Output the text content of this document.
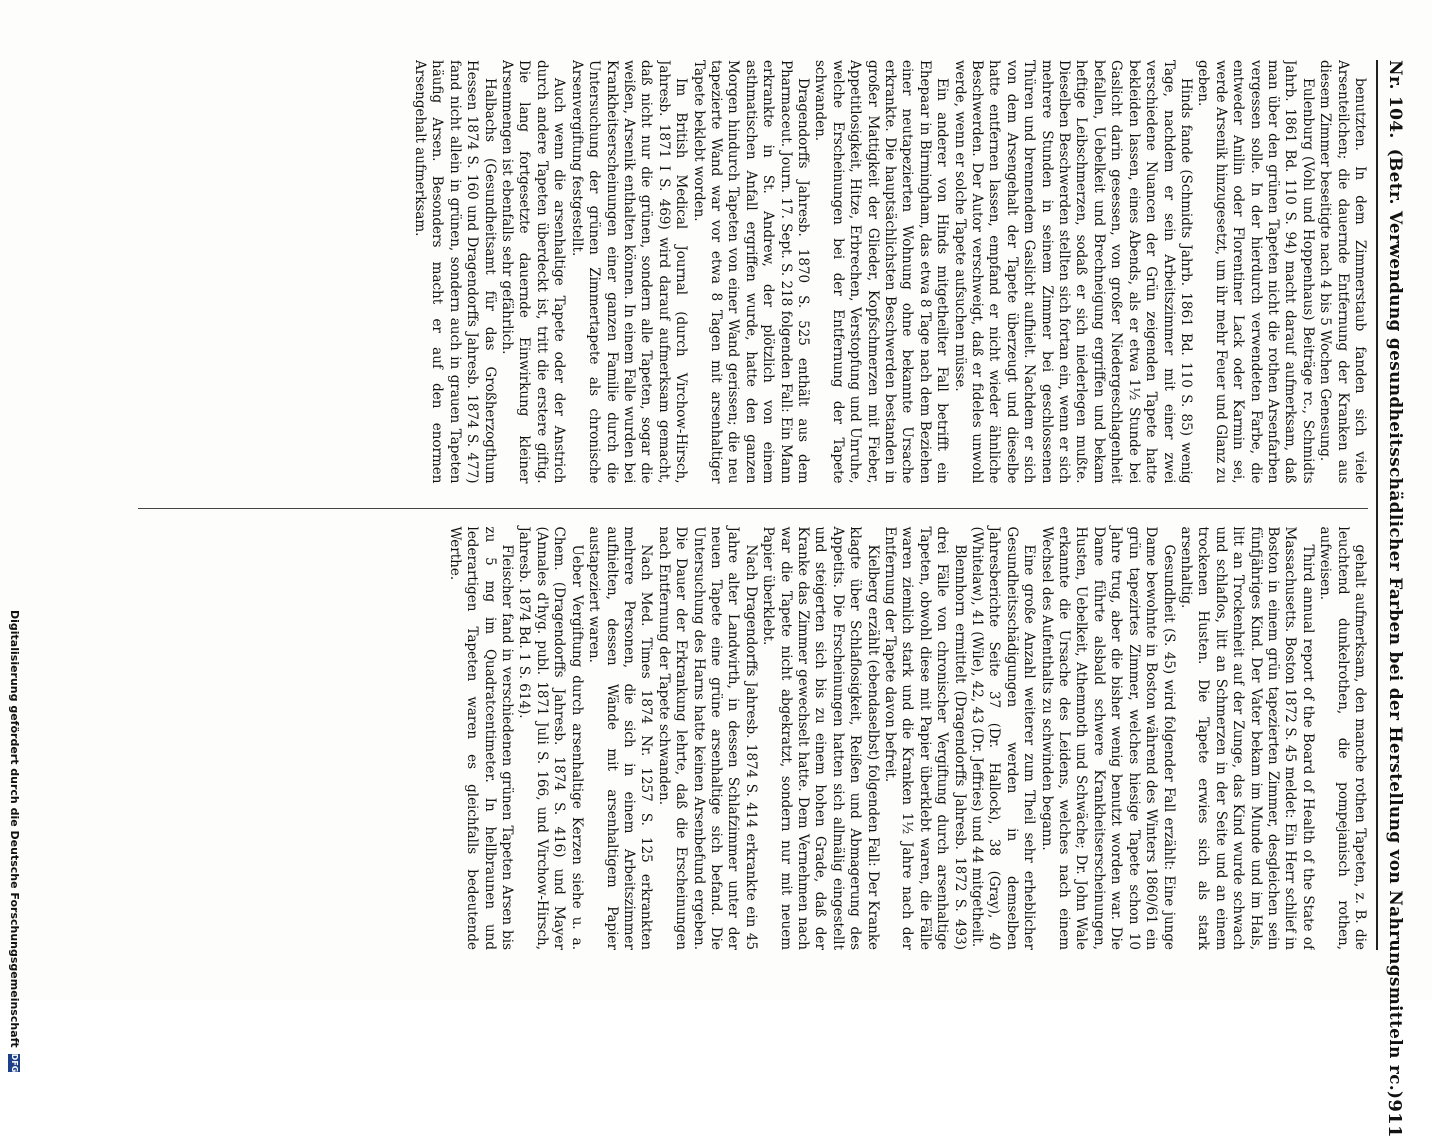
Nr. 104.
(Betr. Verwendung gesundheitsschädlicher Farben bei der Herstellung von Nahrungsmitteln rc.)
911

benutzten. In dem Zimmerstaub fanden sich viele Arsenteilchen; die dauernde Entfernung der Kranken aus diesem Zimmer beseitigte nach 4 bis 5 Wochen Genesung.

Eulenburg (Vohl und Hoppenhaus) Beiträge rc., Schmidts Jahrb. 1861 Bd. 110 S. 94) macht darauf aufmerksam, daß man über den grünen Tapeten nicht die rothen Arsenfarben vergessen solle. In der hierdurch verwendeten Farbe, die entweder Anilin oder Florentiner Lack oder Karmin sei, werde Arsenik hinzugesetzt, um ihr mehr Feuer und Glanz zu geben.

Hinds fande (Schmidts Jahrb. 1861 Bd. 110 S. 85) wenig Tage, nachdem er sein Arbeitszimmer mit einer zwei verschiedene Nuancen der Grün zeigenden Tapete hatte bekleiden lassen, eines Abends, als er etwa 1½ Stunde bei Gaslicht darin gesessen, von großer Niedergeschlagenheit befallen, Uebelkeit und Brechneigung ergriffen und bekam heftige Leibschmerzen, sodaß er sich niederlegen mußte. Dieselben Beschwerden stellten sich fortan ein, wenn er sich mehrere Stunden in seinem Zimmer bei geschlossenen Thüren und brennendem Gaslicht aufhielt. Nachdem er sich von dem Arsengehalt der Tapete überzeugt und dieselbe hatte entfernen lassen, empfand er nicht wieder ähnliche Beschwerden. Der Autor verschweigt, daß er fideles unwohl werde, wenn er solche Tapete aufsuchen müsse.

Ein anderer von Hinds mitgetheilter Fall betrifft ein Ehepaar in Birmingham, das etwa 8 Tage nach dem Beziehen einer neutapezierten Wohnung ohne bekannte Ursache erkrankte. Die hauptsächlichsten Beschwerden bestanden in großer Mattigkeit der Glieder, Kopfschmerzen mit Fieber, Appetitlosigkeit, Hitze, Erbrechen, Verstopfung und Unruhe, welche Erscheinungen bei der Entfernung der Tapete schwanden.

Dragendorffs Jahresb. 1870 S. 525 enthält aus dem Pharmaceut. Journ. 17. Sept. S. 218 folgenden Fall: Ein Mann erkrankte in St. Andrew, der plötzlich von einem asthmatischen Anfall ergriffen wurde, hatte den ganzen Morgen hindurch Tapeten von einer Wand gerissen; die neu tapezierte Wand war vor etwa 8 Tagen mit arsenhaltiger Tapete beklebt worden.

Im British Medical Journal (durch Virchow-Hirsch, Jahresb. 1871 I S. 469) wird darauf aufmerksam gemacht, daß nicht nur die grünen, sondern alle Tapeten, sogar die weißen, Arsenik enthalten können. In einem Falle wurden bei Krankheitserscheinungen einer ganzen Familie durch die Untersuchung der grünen Zimmertapete als chronische Arsenvergiftung festgestellt.

Auch wenn die arsenhaltige Tapete oder der Anstrich durch andere Tapeten überdeckt ist, tritt die erstere giftig. Die lang fortgesetzte dauernde Einwirkung kleiner Arsenmengen ist ebenfalls sehr gefährlich.

Halbachs (Gesundheitsamt für das Großherzogthum Hessen 1874 S. 160 und Dragendorffs Jahresb. 1874 S. 477) fand nicht allein in grünen, sondern auch in grauen Tapeten häufig Arsen. Besonders macht er auf den enormen Arsengehalt aufmerksam.

gehalt aufmerksam, den manche rothen Tapeten, z. B. die leuchtend dunkelrothen, die pompejanisch rothen, aufweisen.

Third annual report of the Board of Health of the State of Massachusetts. Boston 1872 S. 45 meldet: Ein Herr schlief in Boston in einem grün tapezierten Zimmer, desgleichen sein fünfjähriges Kind. Der Vater bekam im Munde und im Hals, litt an Trockenheit auf der Zunge, das Kind wurde schwach und schlaflos, litt an Schmerzen in der Seite und an einem trockenen Husten. Die Tapete erwies sich als stark arsenhaltig.

Gesundheit (S. 45) wird folgender Fall erzählt: Eine junge Dame bewohnte in Boston während des Winters 1860/61 ein grün tapezirtes Zimmer, welches hiesige Tapete schon 10 Jahre trug, aber die bisher wenig benutzt worden war. Die Dame führte alsbald schwere Krankheitserscheinungen, Husten, Uebelkeit, Athemnoth und Schwäche; Dr. John Wale erkannte die Ursache des Leidens, welches nach einem Wechsel des Aufenthalts zu schwinden begann.

Eine große Anzahl weiterer zum Theil sehr erheblicher Gesundheitsschädigungen werden in demselben Jahresberichte Seite 37 (Dr. Hallock), 38 (Gray), 40 (Whitelaw), 41 (Wile), 42, 43 (Dr. Jeffries) und 44 mitgetheilt.

Blennhorn ermittelt (Dragendorffs Jahresb. 1872 S. 493) drei Fälle von chronischer Vergiftung durch arsenhaltige Tapeten, obwohl diese mit Papier überklebt waren, die Fälle waren ziemlich stark und die Kranken 1½ Jahre nach der Entfernung der Tapete davon befreit.

Kielberg erzählt (ebendaselbst) folgenden Fall: Der Kranke klagte über Schlaflosigkeit, Reißen und Abmagerung des Appetits. Die Erscheinungen hatten sich allmälig eingestellt und steigerten sich bis zu einem hohen Grade, daß der Kranke das Zimmer gewechselt hatte. Dem Vernehmen nach war die Tapete nicht abgekratzt, sondern nur mit neuem Papier überklebt.

Nach Dragendorffs Jahresb. 1874 S. 414 erkrankte ein 45 Jahre alter Landwirth, in dessen Schlafzimmer unter der neuen Tapete eine grüne arsenhaltige sich befand. Die Untersuchung des Harns hatte keinen Arsenbefund ergeben. Die Dauer der Erkrankung lehrte, daß die Erscheinungen nach Entfernung der Tapete schwanden.

Nach Med. Times 1874 Nr. 1257 S. 125 erkrankten mehrere Personen, die sich in einem Arbeitszimmer aufhielten, dessen Wände mit arsenhaltigem Papier austapeziert waren.

Ueber Vergiftung durch arsenhaltige Kerzen siehe u. a. Chem. (Dragendorffs Jahresb. 1874 S. 416) und Mayer (Annales d'hyg. publ. 1871 Juli S. 166, und Virchow-Hirsch, Jahresb. 1874 Bd. 1 S. 614).

Fleischer fand in verschiedenen grünen Tapeten Arsen bis zu 5 mg im Quadratcentimeter. In hellbraunen und lederartigen Tapeten waren es gleichfalls bedeutende Werthe.

Digitalisierung gefördert durch die Deutsche Forschungsgemeinschaft
DFG
